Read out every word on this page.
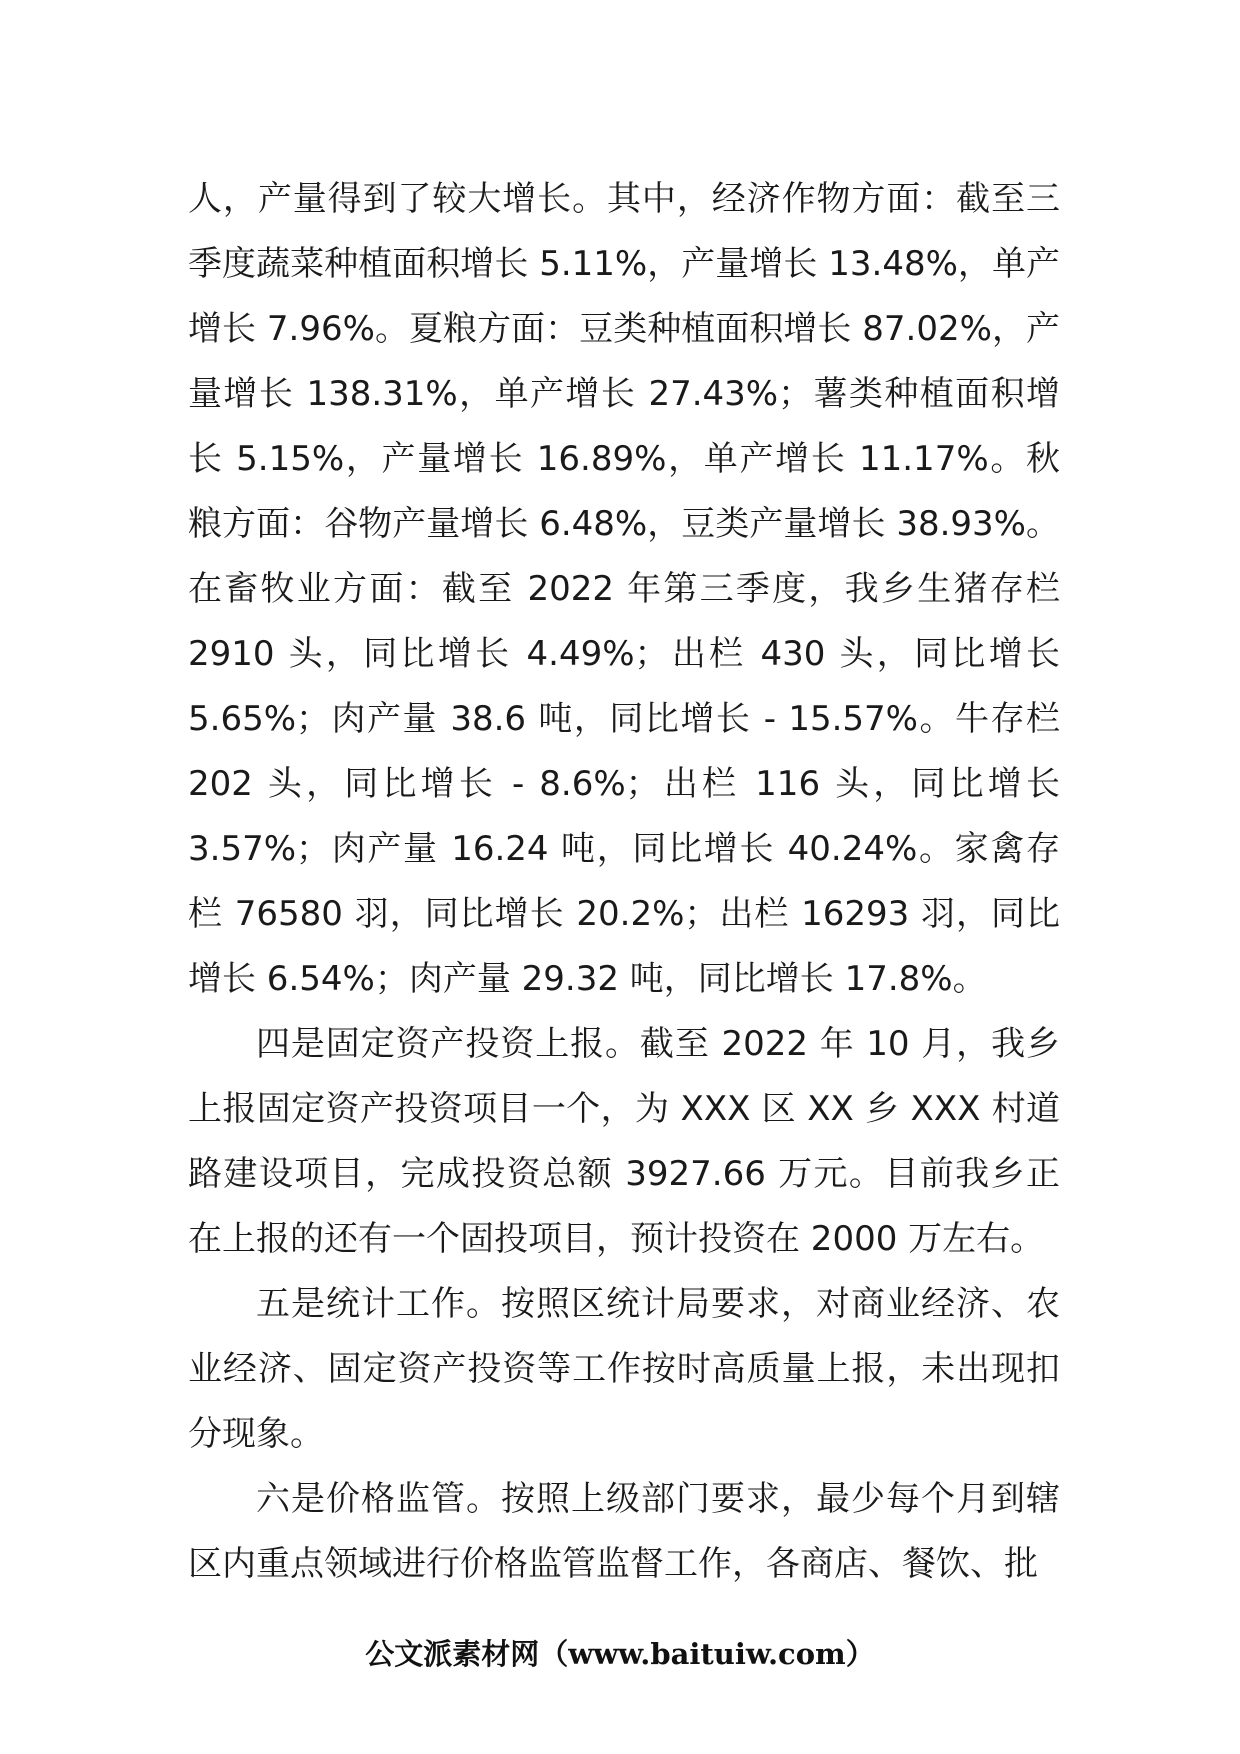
人，产量得到了较大增长。其中，经济作物方面：截至三季度蔬菜种植面积增长 5.11%，产量增长 13.48%，单产增长 7.96%。夏粮方面：豆类种植面积增长 87.02%，产量增长 138.31%，单产增长 27.43%；薯类种植面积增长 5.15%，产量增长 16.89%，单产增长 11.17%。秋粮方面：谷物产量增长 6.48%，豆类产量增长 38.93%。在畜牧业方面：截至 2022 年第三季度，我乡生猪存栏 2910 头，同比增长 4.49%；出栏 430 头，同比增长 5.65%；肉产量 38.6 吨，同比增长 - 15.57%。牛存栏 202 头，同比增长 - 8.6%；出栏 116 头，同比增长 3.57%；肉产量 16.24 吨，同比增长 40.24%。家禽存栏 76580 羽，同比增长 20.2%；出栏 16293 羽，同比增长 6.54%；肉产量 29.32 吨，同比增长 17.8%。

四是固定资产投资上报。截至 2022 年 10 月，我乡上报固定资产投资项目一个，为 XXX 区 XX 乡 XXX 村道路建设项目，完成投资总额 3927.66 万元。目前我乡正在上报的还有一个固投项目，预计投资在 2000 万左右。

五是统计工作。按照区统计局要求，对商业经济、农业经济、固定资产投资等工作按时高质量上报，未出现扣分现象。

六是价格监管。按照上级部门要求，最少每个月到辖区内重点领域进行价格监管监督工作，各商店、餐饮、批

公文派素材网（www.baituiw.com）
